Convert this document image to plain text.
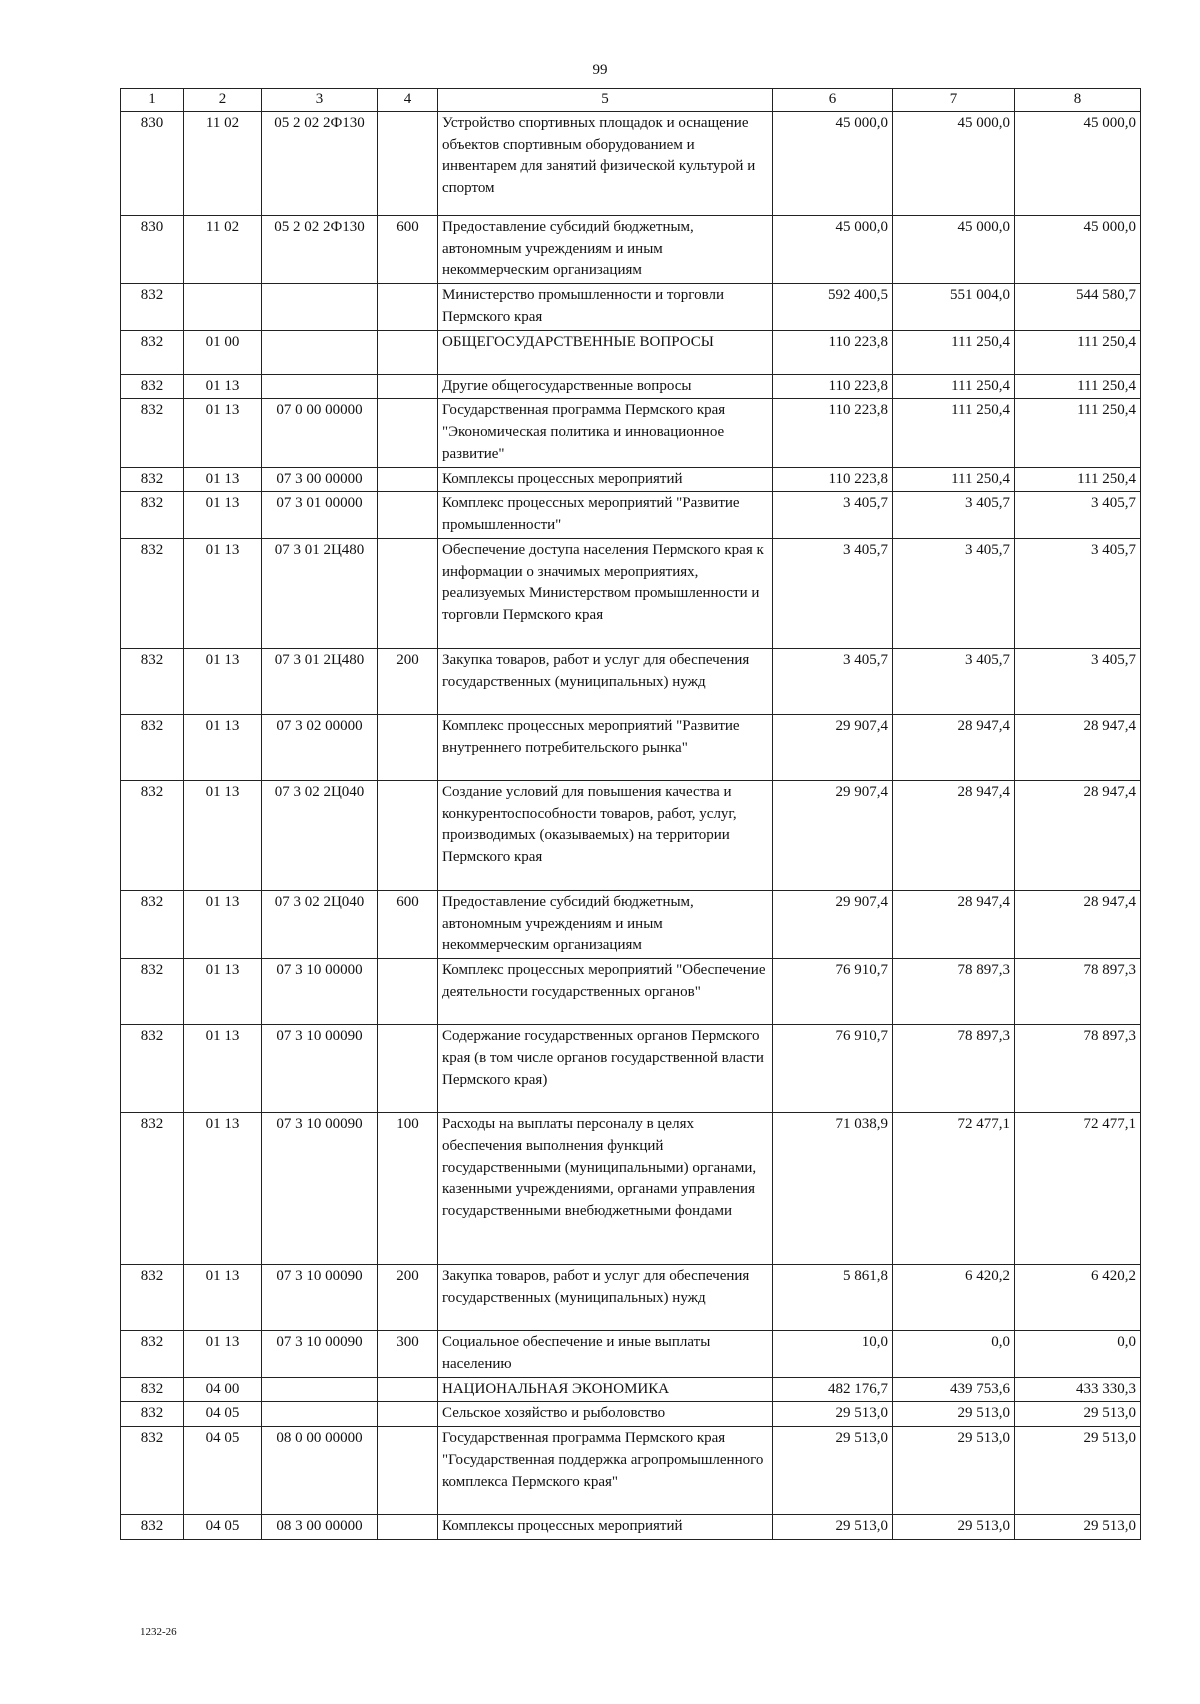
99
1	2	3	4	5	6	7	8
830	11 02	05 2 02 2Ф130		Устройство спортивных площадок и оснащение объектов спортивным оборудованием и инвентарем для занятий физической культурой и спортом	45 000,0	45 000,0	45 000,0
830	11 02	05 2 02 2Ф130	600	Предоставление субсидий бюджетным, автономным учреждениям и иным некоммерческим организациям	45 000,0	45 000,0	45 000,0
832				Министерство промышленности и торговли Пермского края	592 400,5	551 004,0	544 580,7
832	01 00			ОБЩЕГОСУДАРСТВЕННЫЕ ВОПРОСЫ	110 223,8	111 250,4	111 250,4
832	01 13			Другие общегосударственные вопросы	110 223,8	111 250,4	111 250,4
832	01 13	07 0 00 00000		Государственная программа Пермского края "Экономическая политика и инновационное развитие"	110 223,8	111 250,4	111 250,4
832	01 13	07 3 00 00000		Комплексы процессных мероприятий	110 223,8	111 250,4	111 250,4
832	01 13	07 3 01 00000		Комплекс процессных мероприятий "Развитие промышленности"	3 405,7	3 405,7	3 405,7
832	01 13	07 3 01 2Ц480		Обеспечение доступа населения Пермского края к информации о значимых мероприятиях, реализуемых Министерством промышленности и торговли Пермского края	3 405,7	3 405,7	3 405,7
832	01 13	07 3 01 2Ц480	200	Закупка товаров, работ и услуг для обеспечения государственных (муниципальных) нужд	3 405,7	3 405,7	3 405,7
832	01 13	07 3 02 00000		Комплекс процессных мероприятий "Развитие внутреннего потребительского рынка"	29 907,4	28 947,4	28 947,4
832	01 13	07 3 02 2Ц040		Создание условий для повышения качества и конкурентоспособности товаров, работ, услуг, производимых (оказываемых) на территории Пермского края	29 907,4	28 947,4	28 947,4
832	01 13	07 3 02 2Ц040	600	Предоставление субсидий бюджетным, автономным учреждениям и иным некоммерческим организациям	29 907,4	28 947,4	28 947,4
832	01 13	07 3 10 00000		Комплекс процессных мероприятий "Обеспечение деятельности государственных органов"	76 910,7	78 897,3	78 897,3
832	01 13	07 3 10 00090		Содержание государственных органов Пермского края (в том числе органов государственной власти Пермского края)	76 910,7	78 897,3	78 897,3
832	01 13	07 3 10 00090	100	Расходы на выплаты персоналу в целях обеспечения выполнения функций государственными (муниципальными) органами, казенными учреждениями, органами управления государственными внебюджетными фондами	71 038,9	72 477,1	72 477,1
832	01 13	07 3 10 00090	200	Закупка товаров, работ и услуг для обеспечения государственных (муниципальных) нужд	5 861,8	6 420,2	6 420,2
832	01 13	07 3 10 00090	300	Социальное обеспечение и иные выплаты населению	10,0	0,0	0,0
832	04 00			НАЦИОНАЛЬНАЯ ЭКОНОМИКА	482 176,7	439 753,6	433 330,3
832	04 05			Сельское хозяйство и рыболовство	29 513,0	29 513,0	29 513,0
832	04 05	08 0 00 00000		Государственная программа Пермского края "Государственная поддержка агропромышленного комплекса Пермского края"	29 513,0	29 513,0	29 513,0
832	04 05	08 3 00 00000		Комплексы процессных мероприятий	29 513,0	29 513,0	29 513,0
1232-26
